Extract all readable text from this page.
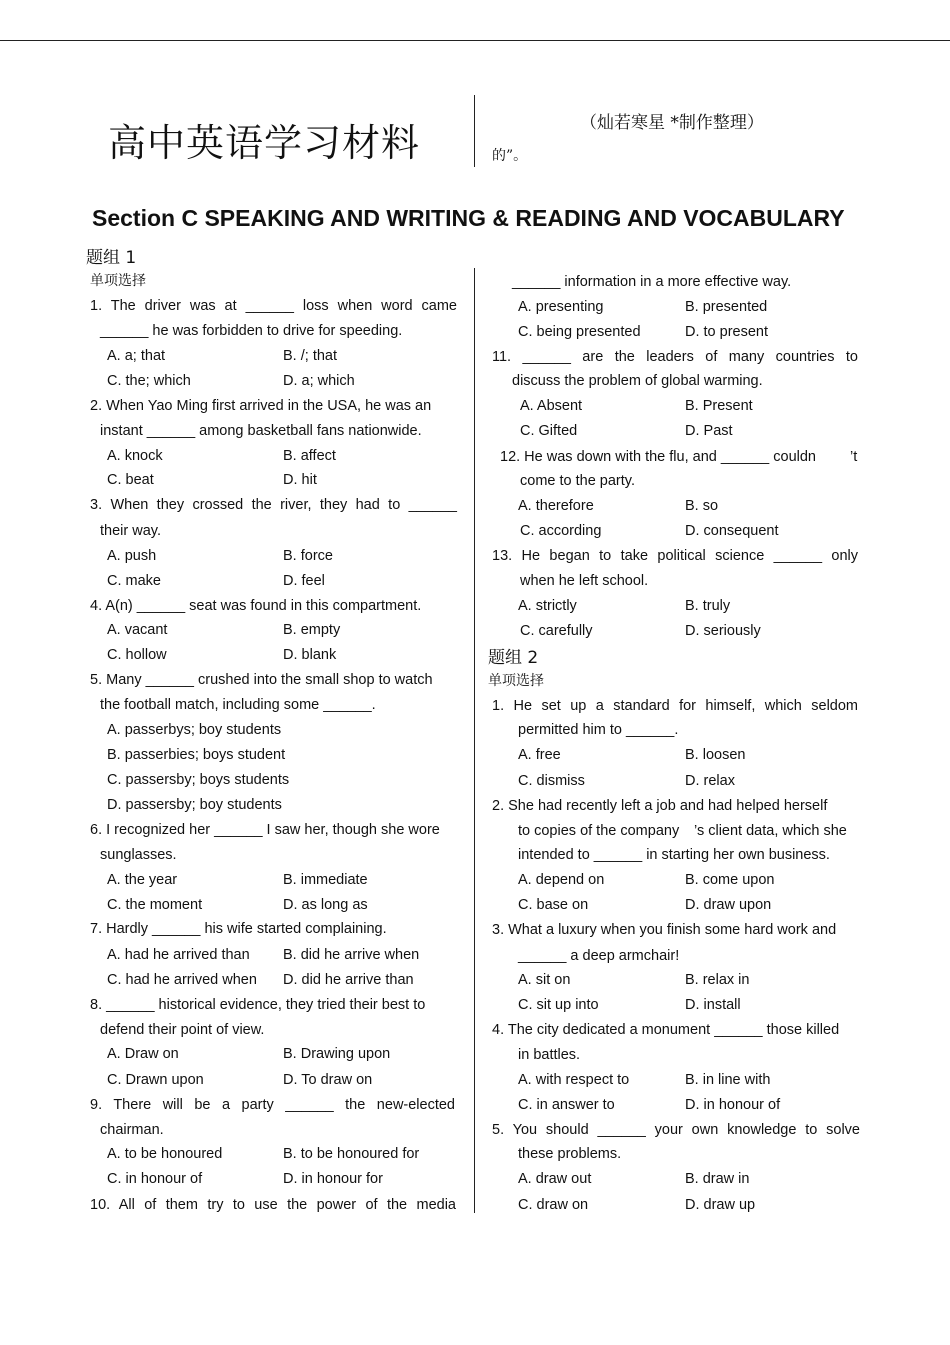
高中英语学习材料	（灿若寒星 *制作整理）
的”。
Section C SPEAKING AND WRITING & READING AND VOCABULARY
题组 1
单项选择
1. The driver was at ______ loss when word came
______ he was forbidden to drive for speeding.
A. a; that	B. /; that
C. the; which	D. a; which
2. When Yao Ming first arrived in the USA, he was an
instant ______ among basketball fans nationwide.
A. knock	B. affect
C. beat	D. hit
3. When they crossed the river, they had to ______
their way.
A. push	B. force
C. make	D. feel
4. A(n) ______ seat was found in this compartment.
A. vacant	B. empty
C. hollow	D. blank
5. Many ______ crushed into the small shop to watch
the football match, including some ______.
A. passerbys; boy students
B. passerbies; boys student
C. passersby; boys students
D. passersby; boy students
6. I recognized her ______ I saw her, though she wore
sunglasses.
A. the year	B. immediate
C. the moment	D. as long as
7. Hardly ______ his wife started complaining.
A. had he arrived than B. did he arrive when
C. had he arrived when D. did he arrive than
8. ______ historical evidence, they tried their best to
defend their point of view.
A. Draw on	B. Drawing upon
C. Drawn upon	D. To draw on
9. There will be a party ______ the new-elected
chairman.
A. to be honoured	B. to be honoured for
C. in honour of	D. in honour for
10. All of them try to use the power of the media
______ information in a more effective way.
A. presenting	B. presented
C. being presented	D. to present
11. ______ are the leaders of many countries to
discuss the problem of global warming.
A. Absent	B. Present
C. Gifted	D. Past
12. He was down with the flu, and ______ couldn ’t
come to the party.
A. therefore	B. so
C. according	D. consequent
13. He began to take political science ______ only
when he left school.
A. strictly	B. truly
C. carefully	D. seriously
题组 2
单项选择
1. He set up a standard for himself, which seldom
permitted him to ______.
A. free	B. loosen
C. dismiss	D. relax
2. She had recently left a job and had helped herself
to copies of the company ’s client data, which she
intended to ______ in starting her own business.
A. depend on	B. come upon
C. base on	D. draw upon
3. What a luxury when you finish some hard work and
______ a deep armchair!
A. sit on	B. relax in
C. sit up into	D. install
4. The city dedicated a monument ______ those killed
in battles.
A. with respect to	B. in line with
C. in answer to	D. in honour of
5. You should ______ your own knowledge to solve
these problems.
A. draw out	B. draw in
C. draw on	D. draw up
